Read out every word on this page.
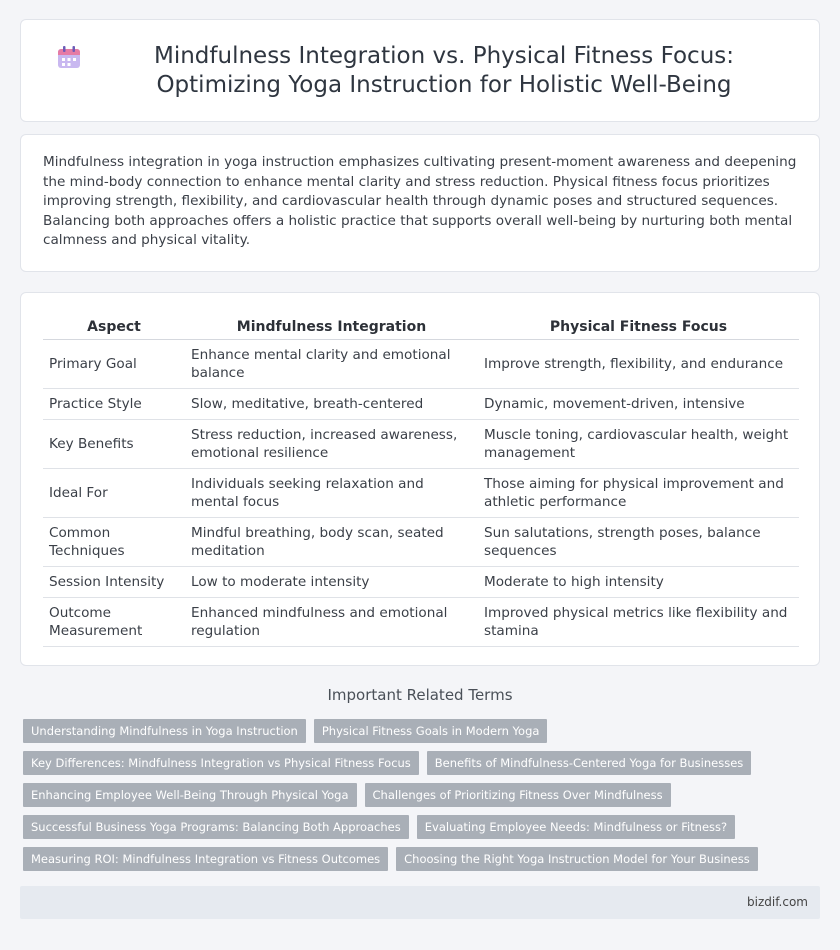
Mindfulness Integration vs. Physical Fitness Focus: Optimizing Yoga Instruction for Holistic Well-Being

Mindfulness integration in yoga instruction emphasizes cultivating present-moment awareness and deepening the mind-body connection to enhance mental clarity and stress reduction. Physical fitness focus prioritizes improving strength, flexibility, and cardiovascular health through dynamic poses and structured sequences. Balancing both approaches offers a holistic practice that supports overall well-being by nurturing both mental calmness and physical vitality.

Aspect	Mindfulness Integration	Physical Fitness Focus
Primary Goal	Enhance mental clarity and emotional balance	Improve strength, flexibility, and endurance
Practice Style	Slow, meditative, breath-centered	Dynamic, movement-driven, intensive
Key Benefits	Stress reduction, increased awareness, emotional resilience	Muscle toning, cardiovascular health, weight management
Ideal For	Individuals seeking relaxation and mental focus	Those aiming for physical improvement and athletic performance
Common Techniques	Mindful breathing, body scan, seated meditation	Sun salutations, strength poses, balance sequences
Session Intensity	Low to moderate intensity	Moderate to high intensity
Outcome Measurement	Enhanced mindfulness and emotional regulation	Improved physical metrics like flexibility and stamina
Important Related Terms
Understanding Mindfulness in Yoga Instruction	Physical Fitness Goals in Modern Yoga
Key Differences: Mindfulness Integration vs Physical Fitness Focus	Benefits of Mindfulness-Centered Yoga for Businesses
Enhancing Employee Well-Being Through Physical Yoga	Challenges of Prioritizing Fitness Over Mindfulness
Successful Business Yoga Programs: Balancing Both Approaches	Evaluating Employee Needs: Mindfulness or Fitness?
Measuring ROI: Mindfulness Integration vs Fitness Outcomes	Choosing the Right Yoga Instruction Model for Your Business
bizdif.com
